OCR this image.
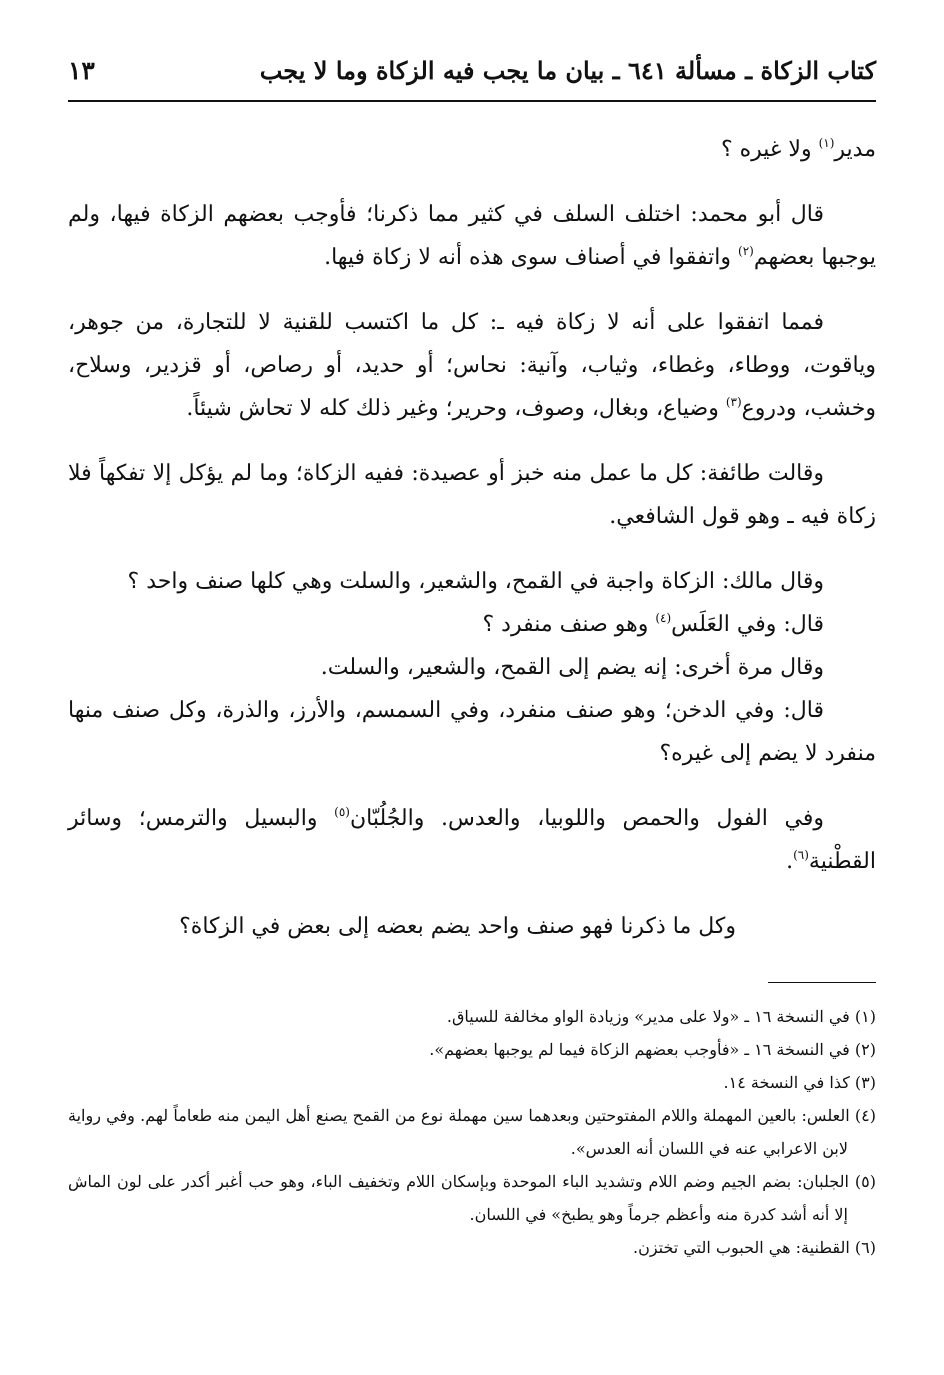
كتاب الزكاة ـ مسألة ٦٤١ ـ بيان ما يجب فيه الزكاة وما لا يجب
١٣

مدير$^{(١)}$ ولا غيره ؟

قال أبو محمد: اختلف السلف في كثير مما ذكرنا؛ فأوجب بعضهم الزكاة فيها، ولم يوجبها بعضهم$^{(٢)}$ واتفقوا في أصناف سوى هذه أنه لا زكاة فيها.

فمما اتفقوا على أنه لا زكاة فيه ـ: كل ما اكتسب للقنية لا للتجارة، من جوهر، وياقوت، ووطاء، وغطاء، وثياب، وآنية: نحاس؛ أو حديد، أو رصاص، أو قزدير، وسلاح، وخشب، ودروع$^{(٣)}$ وضياع، وبغال، وصوف، وحرير؛ وغير ذلك كله لا تحاش شيئاً.

وقالت طائفة: كل ما عمل منه خبز أو عصيدة: ففيه الزكاة؛ وما لم يؤكل إلا تفكهاً فلا زكاة فيه ـ وهو قول الشافعي.

وقال مالك: الزكاة واجبة في القمح، والشعير، والسلت وهي كلها صنف واحد ؟

قال: وفي العَلَس$^{(٤)}$ وهو صنف منفرد ؟

وقال مرة أخرى: إنه يضم إلى القمح، والشعير، والسلت.

قال: وفي الدخن؛ وهو صنف منفرد، وفي السمسم، والأرز، والذرة، وكل صنف منها منفرد لا يضم إلى غيره؟

وفي الفول والحمص واللوبيا، والعدس. والجُلُبّان$^{(٥)}$ والبسيل والترمس؛ وسائر القطْنية$^{(٦)}$.

وكل ما ذكرنا فهو صنف واحد يضم بعضه إلى بعض في الزكاة؟

(١) في النسخة ١٦ ـ «ولا على مدير» وزيادة الواو مخالفة للسياق.

(٢) في النسخة ١٦ ـ «فأوجب بعضهم الزكاة فيما لم يوجبها بعضهم».

(٣) كذا في النسخة ١٤.

(٤) العلس: بالعين المهملة واللام المفتوحتين وبعدهما سين مهملة نوع من القمح يصنع أهل اليمن منه طعاماً لهم. وفي رواية لابن الاعرابي عنه في اللسان أنه العدس».

(٥) الجلبان: بضم الجيم وضم اللام وتشديد الباء الموحدة وبإسكان اللام وتخفيف الباء، وهو حب أغبر أكدر على لون الماش إلا أنه أشد كدرة منه وأعظم جرماً وهو يطبخ» في اللسان.

(٦) القطنية: هي الحبوب التي تختزن.
